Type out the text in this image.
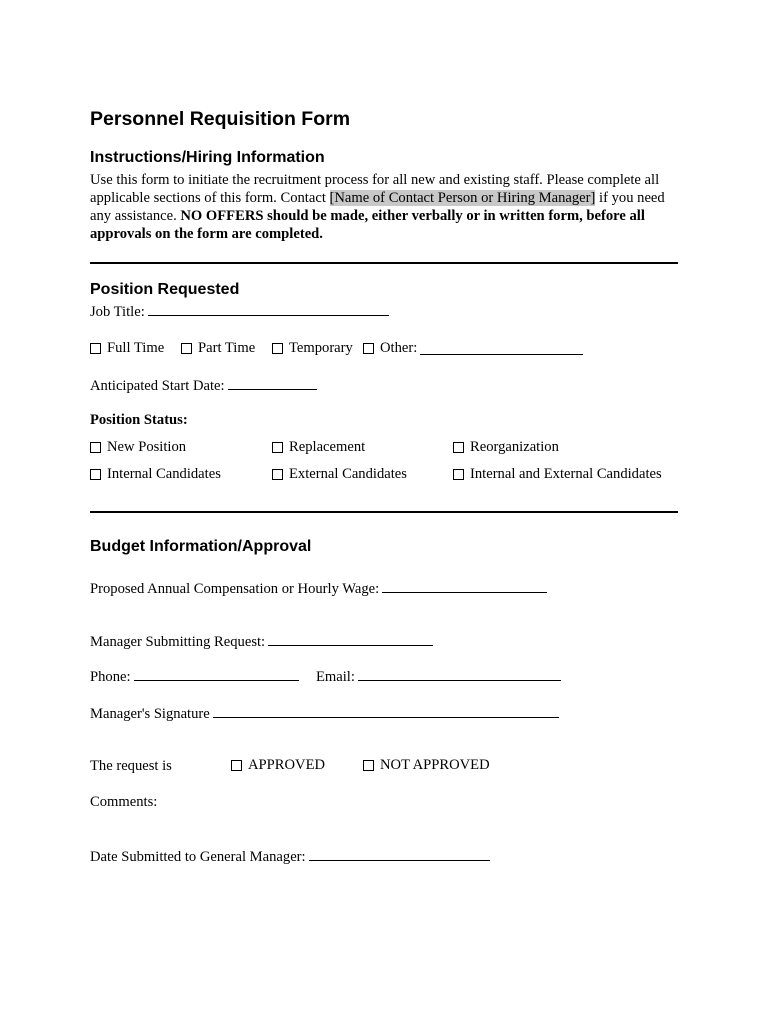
Personnel Requisition Form
Instructions/Hiring Information
Use this form to initiate the recruitment process for all new and existing staff. Please complete all applicable sections of this form. Contact [Name of Contact Person or Hiring Manager] if you need any assistance. NO OFFERS should be made, either verbally or in written form, before all approvals on the form are completed.
Position Requested
Job Title:
Full Time Part Time Temporary Other:
Anticipated Start Date:
Position Status:
New Position	Replacement	Reorganization
Internal Candidates	External Candidates	Internal and External Candidates
Budget Information/Approval
Proposed Annual Compensation or Hourly Wage:
Manager Submitting Request:
Phone:	Email:
Manager's Signature
The request is	APPROVED	NOT APPROVED
Comments:
Date Submitted to General Manager:
